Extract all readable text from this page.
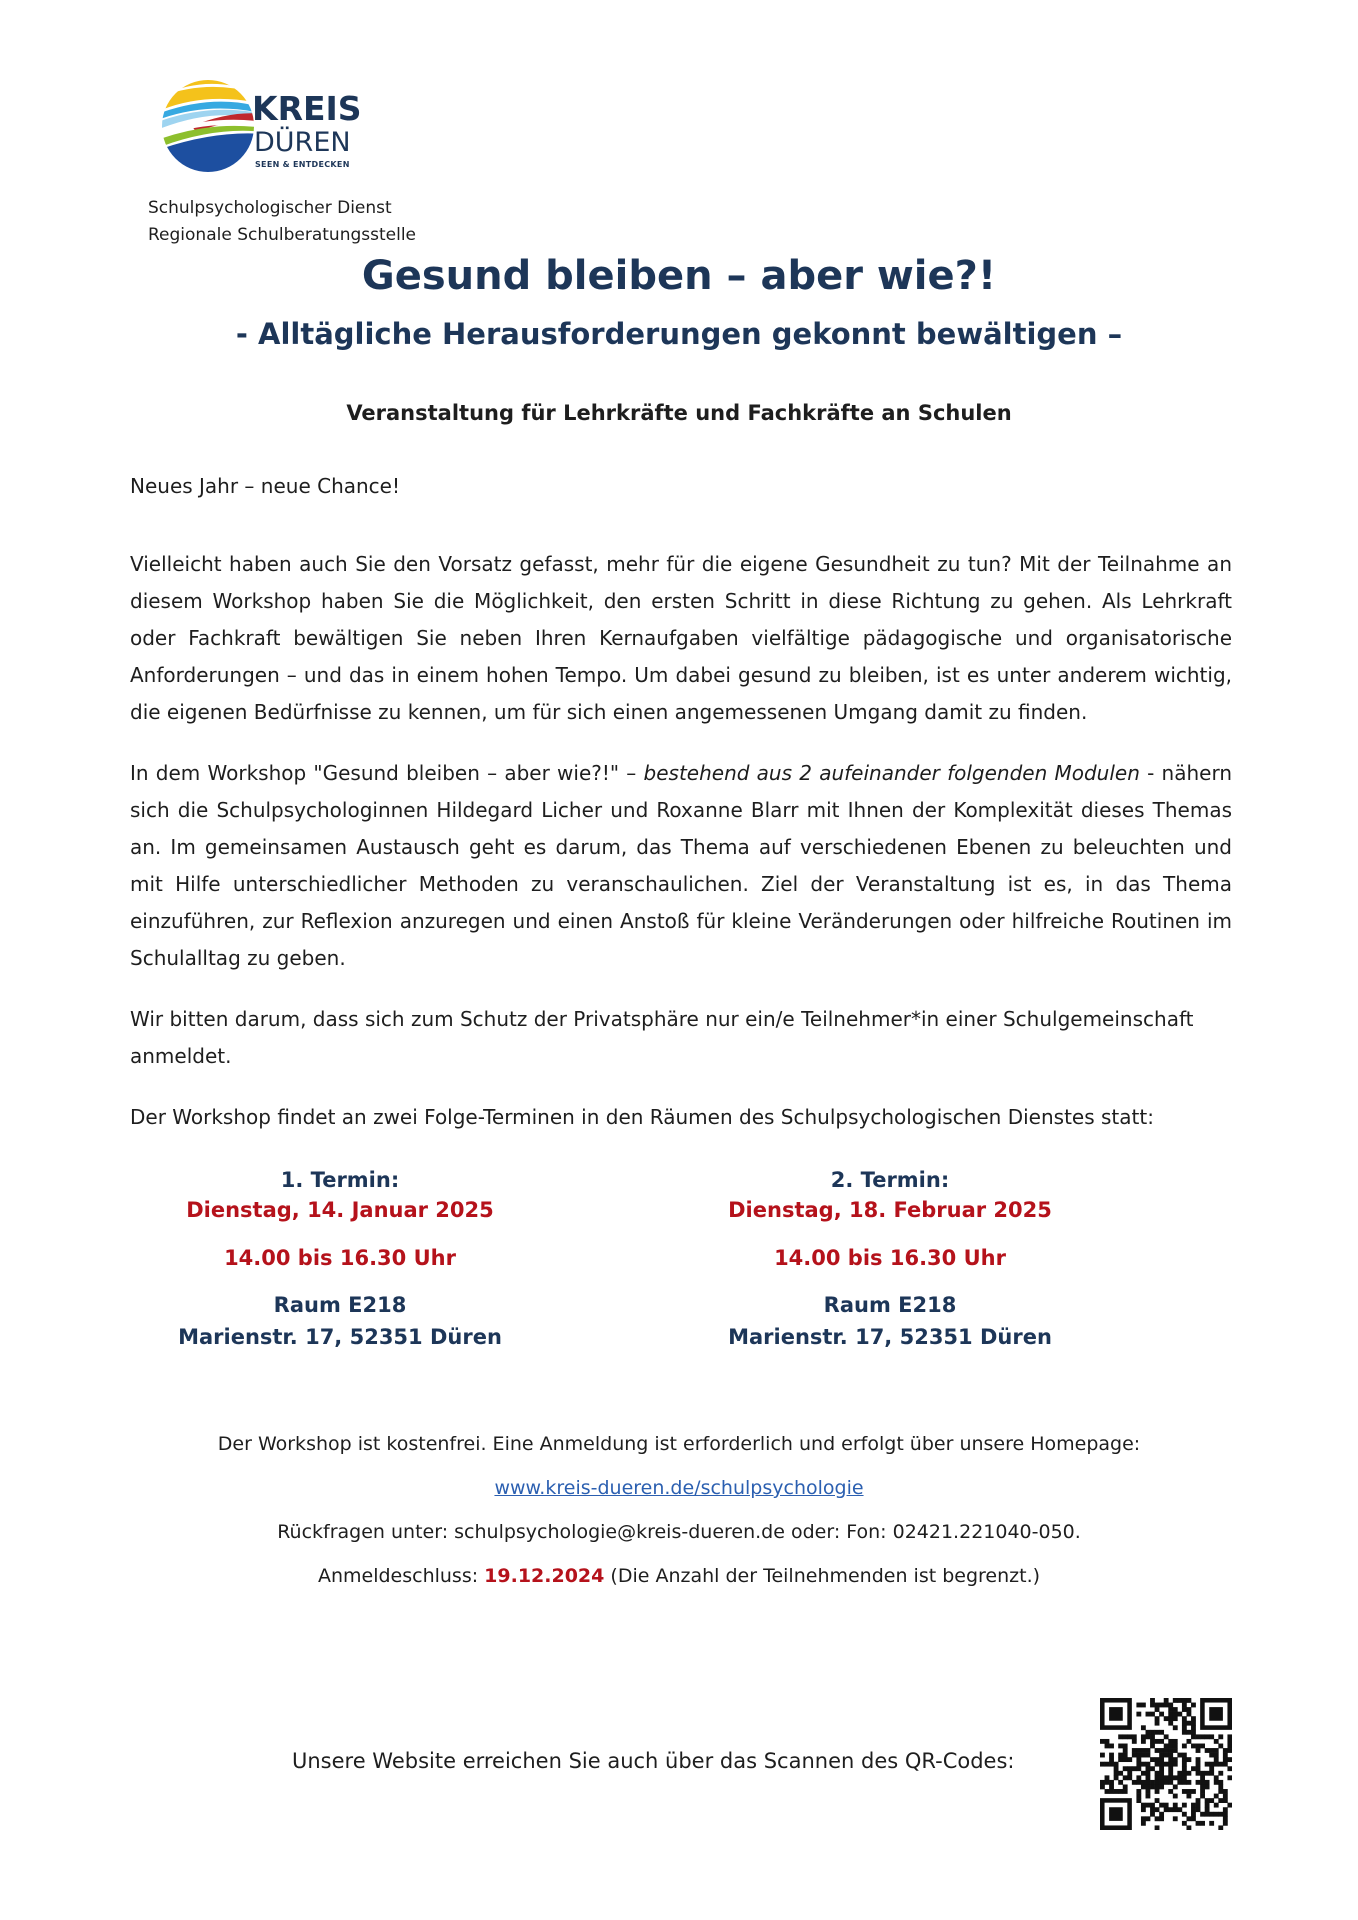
KREIS
DÜREN
SEEN & ENTDECKEN
Schulpsychologischer Dienst
Regionale Schulberatungsstelle
Gesund bleiben – aber wie?!
- Alltägliche Herausforderungen gekonnt bewältigen –
Veranstaltung für Lehrkräfte und Fachkräfte an Schulen

Neues Jahr – neue Chance!

Vielleicht haben auch Sie den Vorsatz gefasst, mehr für die eigene Gesundheit zu tun? Mit der Teilnahme an diesem Workshop haben Sie die Möglichkeit, den ersten Schritt in diese Richtung zu gehen. Als Lehrkraft oder Fachkraft bewältigen Sie neben Ihren Kernaufgaben vielfältige pädagogische und organisatorische Anforderungen – und das in einem hohen Tempo. Um dabei gesund zu bleiben, ist es unter anderem wichtig, die eigenen Bedürfnisse zu kennen, um für sich einen angemessenen Umgang damit zu finden.

In dem Workshop "Gesund bleiben – aber wie?!" – bestehend aus 2 aufeinander folgenden Modulen - nähern sich die Schulpsychologinnen Hildegard Licher und Roxanne Blarr mit Ihnen der Komplexität dieses Themas an. Im gemeinsamen Austausch geht es darum, das Thema auf verschiedenen Ebenen zu beleuchten und mit Hilfe unterschiedlicher Methoden zu veranschaulichen. Ziel der Veranstaltung ist es, in das Thema einzuführen, zur Reflexion anzuregen und einen Anstoß für kleine Veränderungen oder hilfreiche Routinen im Schulalltag zu geben.

Wir bitten darum, dass sich zum Schutz der Privatsphäre nur ein/e Teilnehmer*in einer Schulgemeinschaft anmeldet.

Der Workshop findet an zwei Folge-Terminen in den Räumen des Schulpsychologischen Dienstes statt:

1. Termin:
Dienstag, 14. Januar 2025
14.00 bis 16.30 Uhr
Raum E218
Marienstr. 17, 52351 Düren
2. Termin:
Dienstag, 18. Februar 2025
14.00 bis 16.30 Uhr
Raum E218
Marienstr. 17, 52351 Düren
Der Workshop ist kostenfrei. Eine Anmeldung ist erforderlich und erfolgt über unsere Homepage:
www.kreis-dueren.de/schulpsychologie
Rückfragen unter: schulpsychologie@kreis-dueren.de oder: Fon: 02421.221040-050.
Anmeldeschluss: 19.12.2024 (Die Anzahl der Teilnehmenden ist begrenzt.)
Unsere Website erreichen Sie auch über das Scannen des QR-Codes:
